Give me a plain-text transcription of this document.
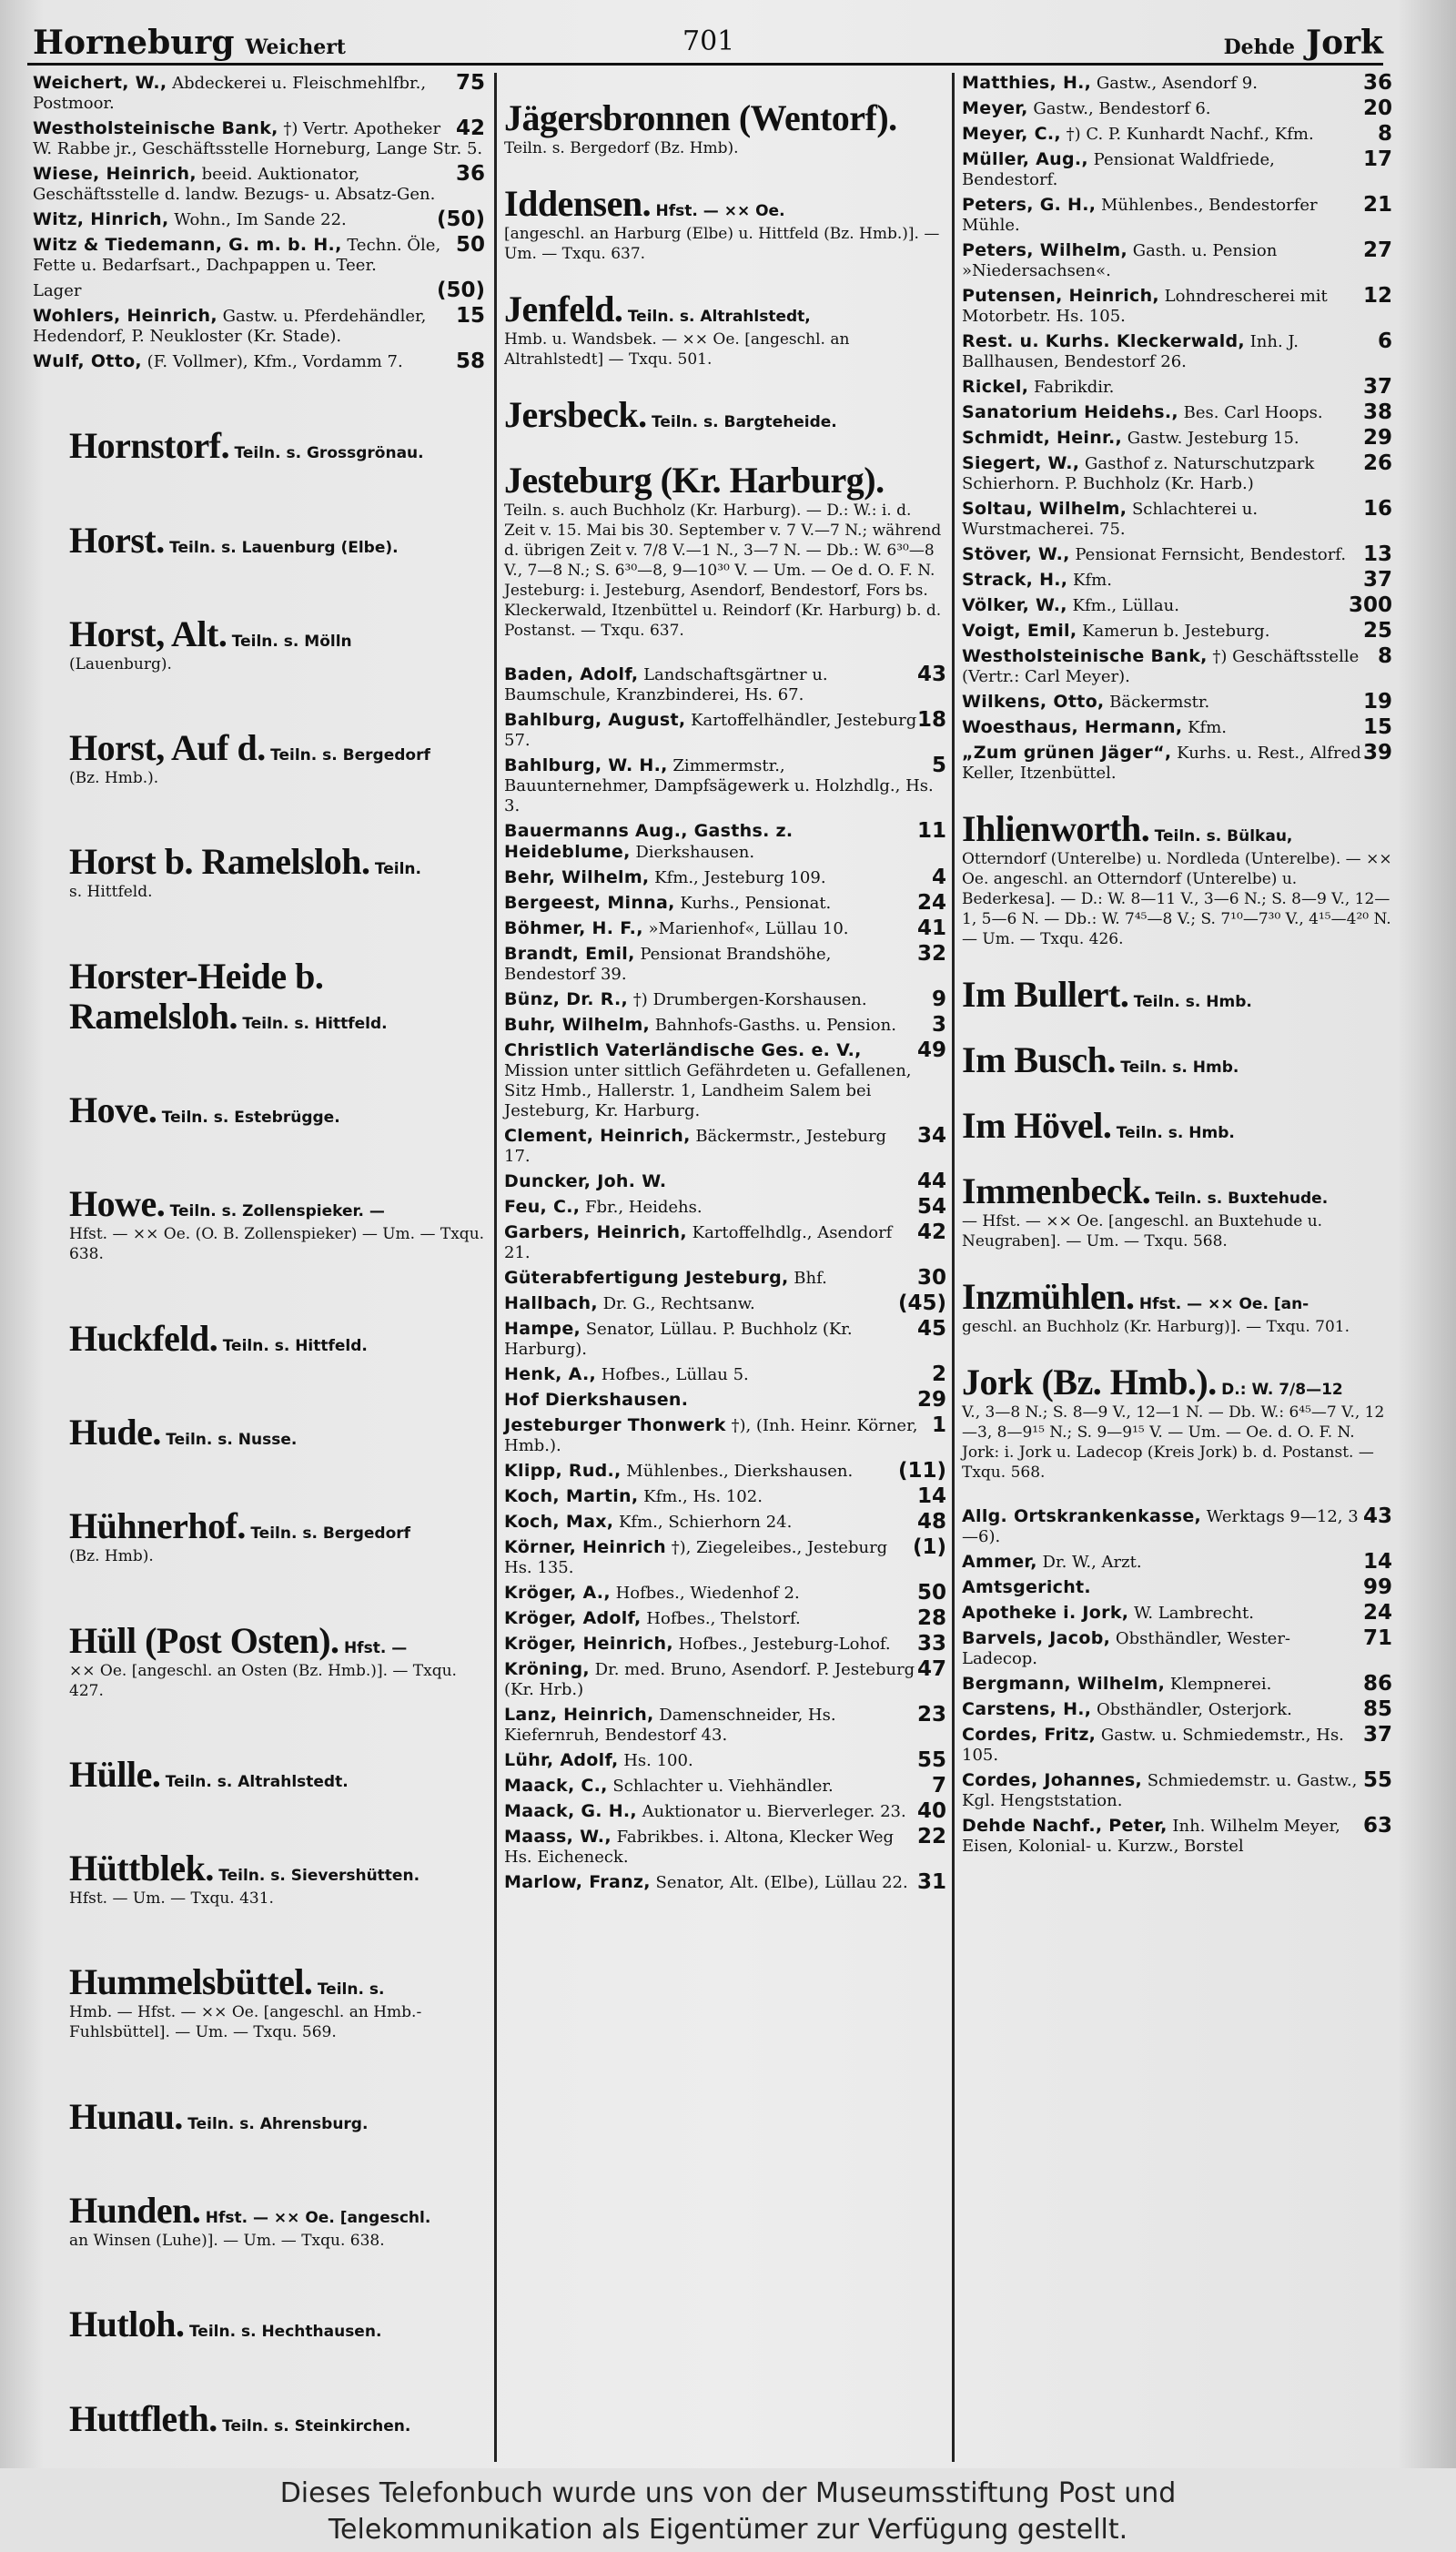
Horneburg Weichert	701	Dehde Jork
75
Weichert, W., Abdeckerei u. Fleischmehlfbr., Postmoor.
42
Westholsteinische Bank, †) Vertr. Apotheker W. Rabbe jr., Geschäftsstelle Horneburg, Lange Str. 5.
36
Wiese, Heinrich, beeid. Auktionator, Geschäftsstelle d. landw. Bezugs- u. Absatz-Gen.
(50)
Witz, Hinrich, Wohn., Im Sande 22.
50
Witz & Tiedemann, G. m. b. H., Techn. Öle, Fette u. Bedarfsart., Dachpappen u. Teer.
(50)
Lager
15
Wohlers, Heinrich, Gastw. u. Pferdehändler, Hedendorf, P. Neukloster (Kr. Stade).
58
Wulf, Otto, (F. Vollmer), Kfm., Vordamm 7.
Hornstorf. Teiln. s. Grossgrönau.
Horst. Teiln. s. Lauenburg (Elbe).
Horst, Alt. Teiln. s. Mölln
(Lauenburg).
Horst, Auf d. Teiln. s. Bergedorf
(Bz. Hmb.).
Horst b. Ramelsloh. Teiln.
s. Hittfeld.
Horster-Heide b. Ramelsloh. Teiln. s. Hittfeld.
Hove. Teiln. s. Estebrügge.
Howe. Teiln. s. Zollenspieker. —
Hfst. — ×× Oe. (O. B. Zollenspieker) — Um. — Txqu. 638.
Huckfeld. Teiln. s. Hittfeld.
Hude. Teiln. s. Nusse.
Hühnerhof. Teiln. s. Bergedorf
(Bz. Hmb).
Hüll (Post Osten). Hfst. —
×× Oe. [angeschl. an Osten (Bz. Hmb.)]. — Txqu. 427.
Hülle. Teiln. s. Altrahlstedt.
Hüttblek. Teiln. s. Sievershütten.
Hfst. — Um. — Txqu. 431.
Hummelsbüttel. Teiln. s.
Hmb. — Hfst. — ×× Oe. [angeschl. an Hmb.-Fuhlsbüttel]. — Um. — Txqu. 569.
Hunau. Teiln. s. Ahrensburg.
Hunden. Hfst. — ×× Oe. [angeschl.
an Winsen (Luhe)]. — Um. — Txqu. 638.
Hutloh. Teiln. s. Hechthausen.
Huttfleth. Teiln. s. Steinkirchen.
Jägersbronnen (Wentorf).
Teiln. s. Bergedorf (Bz. Hmb).
Iddensen. Hfst. — ×× Oe.
[angeschl. an Harburg (Elbe) u. Hittfeld (Bz. Hmb.)]. — Um. — Txqu. 637.
Jenfeld. Teiln. s. Altrahlstedt,
Hmb. u. Wandsbek. — ×× Oe. [angeschl. an Altrahlstedt] — Txqu. 501.
Jersbeck. Teiln. s. Bargteheide.
Jesteburg (Kr. Harburg).
Teiln. s. auch Buchholz (Kr. Harburg). — D.: W.: i. d. Zeit v. 15. Mai bis 30. September v. 7 V.—7 N.; während d. übrigen Zeit v. 7/8 V.—1 N., 3—7 N. — Db.: W. 6³⁰—8 V., 7—8 N.; S. 6³⁰—8, 9—10³⁰ V. — Um. — Oe d. O. F. N. Jesteburg: i. Jesteburg, Asendorf, Bendestorf, Fors bs. Kleckerwald, Itzenbüttel u. Reindorf (Kr. Harburg) b. d. Postanst. — Txqu. 637.
43
Baden, Adolf, Landschaftsgärtner u. Baumschule, Kranzbinderei, Hs. 67.
18
Bahlburg, August, Kartoffelhändler, Jesteburg 57.
5
Bahlburg, W. H., Zimmermstr., Bauunternehmer, Dampfsägewerk u. Holzhdlg., Hs. 3.
11
Bauermanns Aug., Gasths. z. Heideblume, Dierkshausen.
4
Behr, Wilhelm, Kfm., Jesteburg 109.
24
Bergeest, Minna, Kurhs., Pensionat.
41
Böhmer, H. F., »Marienhof«, Lüllau 10.
32
Brandt, Emil, Pensionat Brandshöhe, Bendestorf 39.
9
Bünz, Dr. R., †) Drumbergen-Korshausen.
3
Buhr, Wilhelm, Bahnhofs-Gasths. u. Pension.
49
Christlich Vaterländische Ges. e. V., Mission unter sittlich Gefährdeten u. Gefallenen, Sitz Hmb., Hallerstr. 1, Landheim Salem bei Jesteburg, Kr. Harburg.
34
Clement, Heinrich, Bäckermstr., Jesteburg 17.
44
Duncker, Joh. W.
54
Feu, C., Fbr., Heidehs.
42
Garbers, Heinrich, Kartoffelhdlg., Asendorf 21.
30
Güterabfertigung Jesteburg, Bhf.
(45)
Hallbach, Dr. G., Rechtsanw.
45
Hampe, Senator, Lüllau. P. Buchholz (Kr. Harburg).
2
Henk, A., Hofbes., Lüllau 5.
29
Hof Dierkshausen.
1
Jesteburger Thonwerk †), (Inh. Heinr. Körner, Hmb.).
(11)
Klipp, Rud., Mühlenbes., Dierkshausen.
14
Koch, Martin, Kfm., Hs. 102.
48
Koch, Max, Kfm., Schierhorn 24.
(1)
Körner, Heinrich †), Ziegeleibes., Jesteburg Hs. 135.
50
Kröger, A., Hofbes., Wiedenhof 2.
28
Kröger, Adolf, Hofbes., Thelstorf.
33
Kröger, Heinrich, Hofbes., Jesteburg-Lohof.
47
Kröning, Dr. med. Bruno, Asendorf. P. Jesteburg (Kr. Hrb.)
23
Lanz, Heinrich, Damenschneider, Hs. Kiefernruh, Bendestorf 43.
55
Lühr, Adolf, Hs. 100.
7
Maack, C., Schlachter u. Viehhändler.
40
Maack, G. H., Auktionator u. Bierverleger. 23.
22
Maass, W., Fabrikbes. i. Altona, Klecker Weg Hs. Eicheneck.
31
Marlow, Franz, Senator, Alt. (Elbe), Lüllau 22.
36
Matthies, H., Gastw., Asendorf 9.
20
Meyer, Gastw., Bendestorf 6.
8
Meyer, C., †) C. P. Kunhardt Nachf., Kfm.
17
Müller, Aug., Pensionat Waldfriede, Bendestorf.
21
Peters, G. H., Mühlenbes., Bendestorfer Mühle.
27
Peters, Wilhelm, Gasth. u. Pension »Niedersachsen«.
12
Putensen, Heinrich, Lohndrescherei mit Motorbetr. Hs. 105.
6
Rest. u. Kurhs. Kleckerwald, Inh. J. Ballhausen, Bendestorf 26.
37
Rickel, Fabrikdir.
38
Sanatorium Heidehs., Bes. Carl Hoops.
29
Schmidt, Heinr., Gastw. Jesteburg 15.
26
Siegert, W., Gasthof z. Naturschutzpark Schierhorn. P. Buchholz (Kr. Harb.)
16
Soltau, Wilhelm, Schlachterei u. Wurstmacherei. 75.
13
Stöver, W., Pensionat Fernsicht, Bendestorf.
37
Strack, H., Kfm.
300
Völker, W., Kfm., Lüllau.
25
Voigt, Emil, Kamerun b. Jesteburg.
8
Westholsteinische Bank, †) Geschäftsstelle (Vertr.: Carl Meyer).
19
Wilkens, Otto, Bäckermstr.
15
Woesthaus, Hermann, Kfm.
39
„Zum grünen Jäger“, Kurhs. u. Rest., Alfred Keller, Itzenbüttel.
Ihlienworth. Teiln. s. Bülkau,
Otterndorf (Unterelbe) u. Nordleda (Unterelbe). — ×× Oe. angeschl. an Otterndorf (Unterelbe) u. Bederkesa]. — D.: W. 8—11 V., 3—6 N.; S. 8—9 V., 12—1, 5—6 N. — Db.: W. 7⁴⁵—8 V.; S. 7¹⁰—7³⁰ V., 4¹⁵—4²⁰ N. — Um. — Txqu. 426.
Im Bullert. Teiln. s. Hmb.
Im Busch. Teiln. s. Hmb.
Im Hövel. Teiln. s. Hmb.
Immenbeck. Teiln. s. Buxtehude.
— Hfst. — ×× Oe. [angeschl. an Buxtehude u. Neugraben]. — Um. — Txqu. 568.
Inzmühlen. Hfst. — ×× Oe. [an-
geschl. an Buchholz (Kr. Harburg)]. — Txqu. 701.
Jork (Bz. Hmb.). D.: W. 7/8—12
V., 3—8 N.; S. 8—9 V., 12—1 N. — Db. W.: 6⁴⁵—7 V., 12—3, 8—9¹⁵ N.; S. 9—9¹⁵ V. — Um. — Oe. d. O. F. N. Jork: i. Jork u. Ladecop (Kreis Jork) b. d. Postanst. — Txqu. 568.
43
Allg. Ortskrankenkasse, Werktags 9—12, 3—6).
14
Ammer, Dr. W., Arzt.
99
Amtsgericht.
24
Apotheke i. Jork, W. Lambrecht.
71
Barvels, Jacob, Obsthändler, Wester-Ladecop.
86
Bergmann, Wilhelm, Klempnerei.
85
Carstens, H., Obsthändler, Osterjork.
37
Cordes, Fritz, Gastw. u. Schmiedemstr., Hs. 105.
55
Cordes, Johannes, Schmiedemstr. u. Gastw., Kgl. Hengststation.
63
Dehde Nachf., Peter, Inh. Wilhelm Meyer, Eisen, Kolonial- u. Kurzw., Borstel
Dieses Telefonbuch wurde uns von der Museumsstiftung Post und
Telekommunikation als Eigentümer zur Verfügung gestellt.
